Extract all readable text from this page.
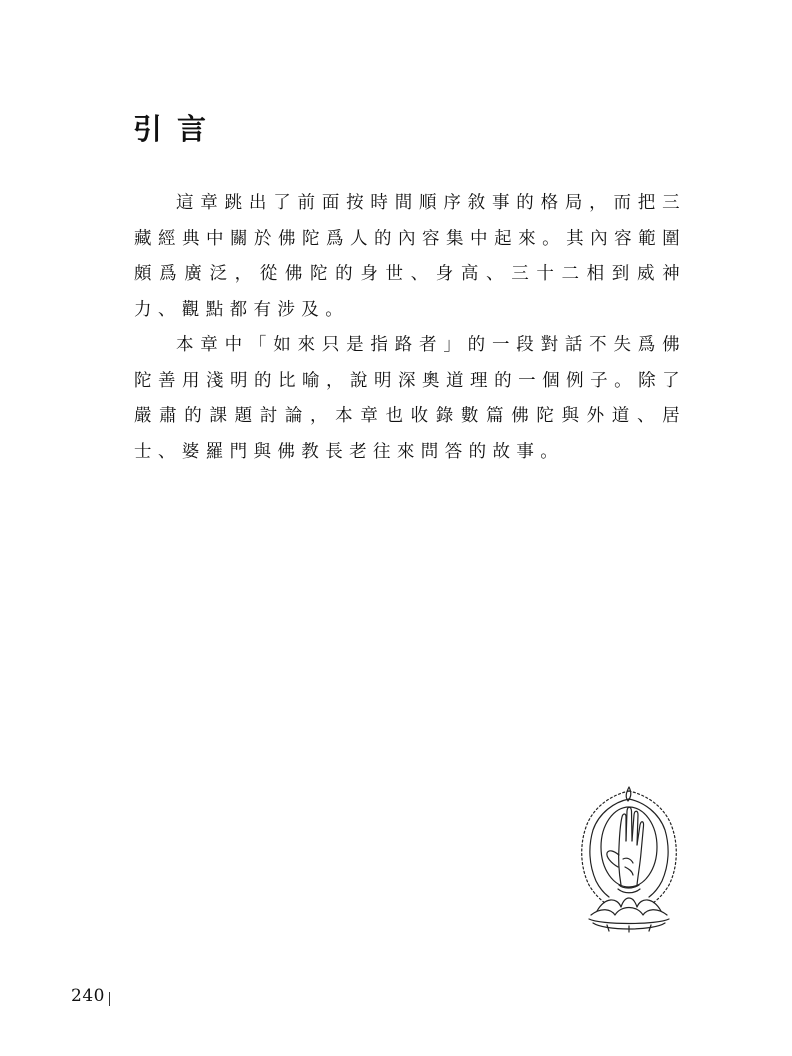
引言

這章跳出了前面按時間順序敘事的格局，而把三藏經典中關於佛陀爲人的內容集中起來。其內容範圍頗爲廣泛，從佛陀的身世、身高、三十二相到威神力、觀點都有涉及。

本章中「如來只是指路者」的一段對話不失爲佛陀善用淺明的比喻，說明深奧道理的一個例子。除了嚴肅的課題討論，本章也收錄數篇佛陀與外道、居士、婆羅門與佛教長老往來問答的故事。

240
